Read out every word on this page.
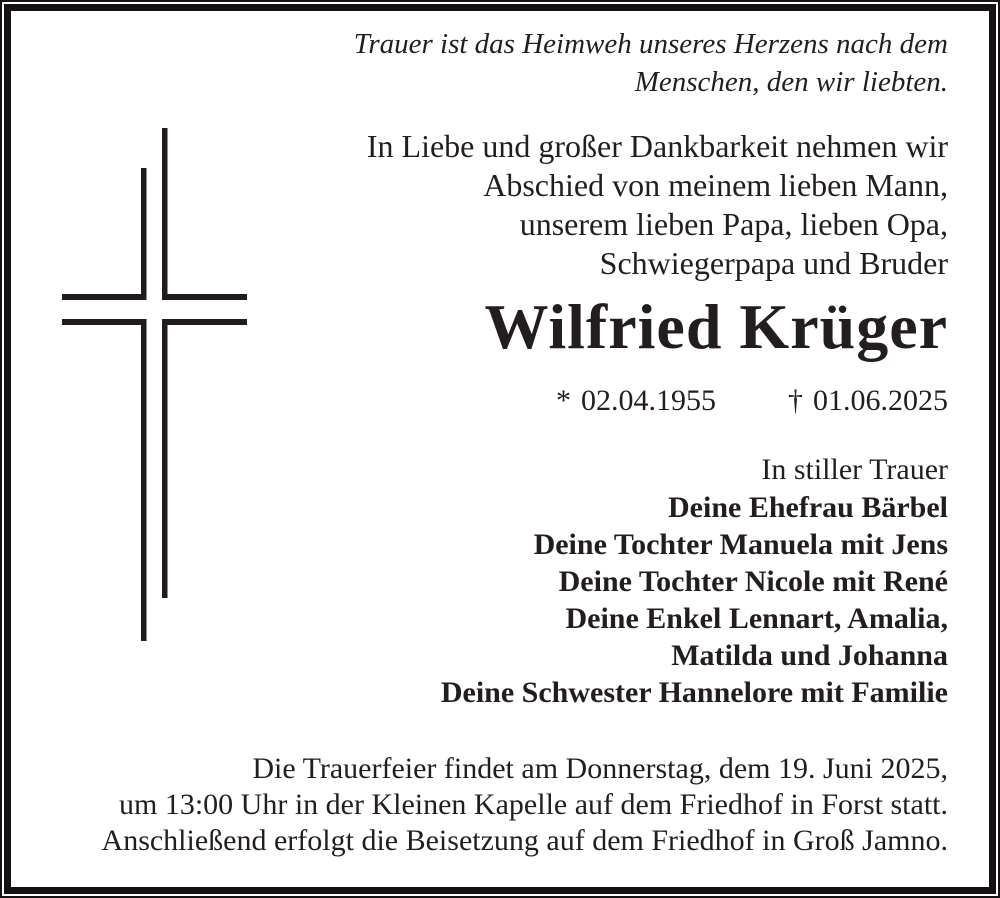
Trauer ist das Heimweh unseres Herzens nach dem
Menschen, den wir liebten.
In Liebe und großer Dankbarkeit nehmen wir
Abschied von meinem lieben Mann,
unserem lieben Papa, lieben Opa,
Schwiegerpapa und Bruder
Wilfried Krüger
* 02.04.1955 † 01.06.2025
In stiller Trauer
Deine Ehefrau Bärbel
Deine Tochter Manuela mit Jens
Deine Tochter Nicole mit René
Deine Enkel Lennart, Amalia,
Matilda und Johanna
Deine Schwester Hannelore mit Familie
Die Trauerfeier findet am Donnerstag, dem 19. Juni 2025,
um 13:00 Uhr in der Kleinen Kapelle auf dem Friedhof in Forst statt.
Anschließend erfolgt die Beisetzung auf dem Friedhof in Groß Jamno.
